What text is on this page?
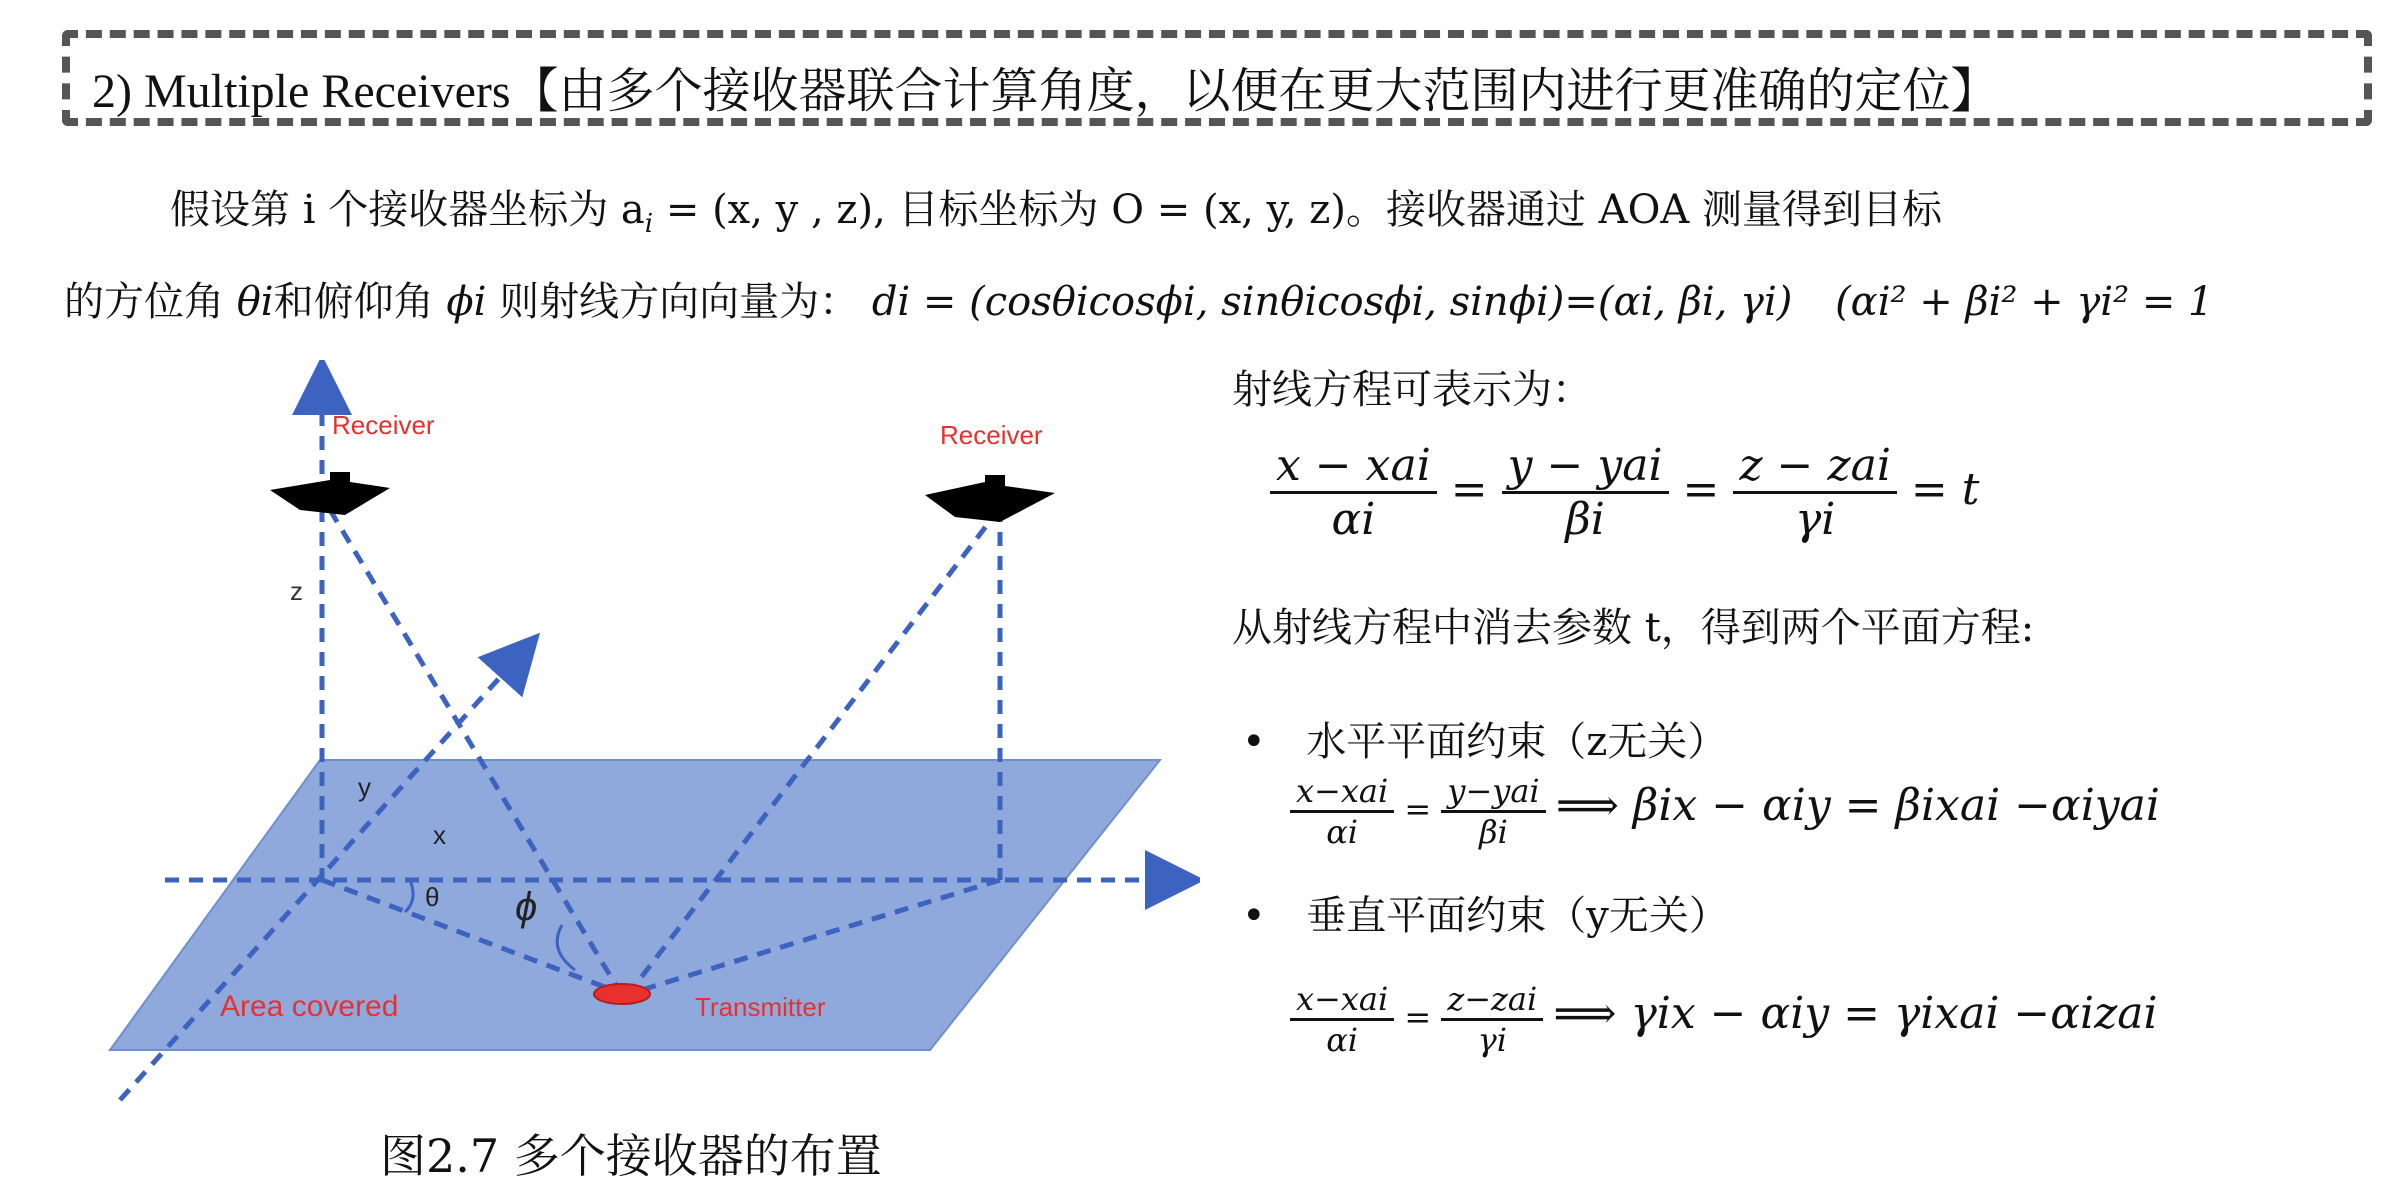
2) Multiple Receivers【由多个接收器联合计算角度，以便在更大范围内进行更准确的定位】
假设第 i 个接收器坐标为 $a_i = (x$, y , z), 目标坐标为 O = (x, y, z)。接收器通过 AOA 测量得到目标
的方位角 θi和俯仰角 ϕi 则射线方向向量为： di = (cosθicosϕi, sinθicosϕi, sinϕi)=(αi, βi, γi) (αi² + βi² + γi² = 1
Receiver	Receiver
z
y
x
θ ϕ
Area covered	Transmitter
图2.7 多个接收器的布置
射线方程可表示为：
$\frac{\text{x − xai}}{\alpha i} = \frac{\text{y − yai}}{\beta i} = \frac{\text{z − zai}}{\gamma i} = t$
从射线方程中消去参数 t，得到两个平面方程:
• 水平平面约束（z无关）
$\frac{\text{x−xai}}{\alpha i} = \frac{\text{y−yai}}{\beta i}$ ⟹ βix − αiy = βixai −αiyai
• 垂直平面约束（y无关）
$\frac{\text{x−xai}}{\alpha i} = \frac{\text{z−zai}}{\gamma i}$ ⟹ γix − αiy = γixai −αizai
